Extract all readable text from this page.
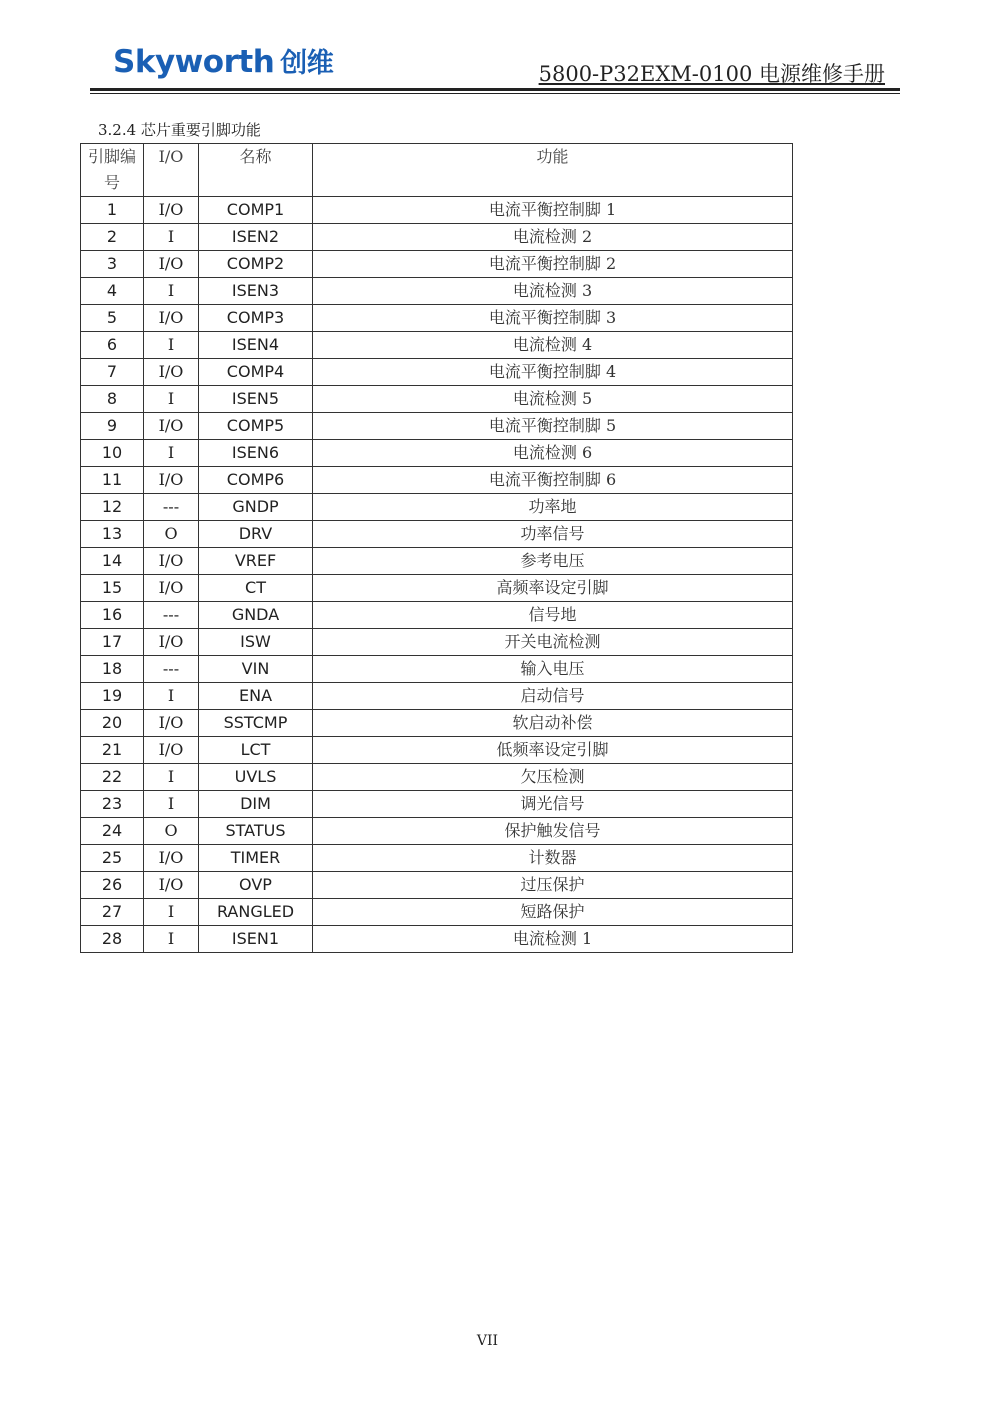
Skyworth 创维	5800-P32EXM-0100 电源维修手册
3.2.4 芯片重要引脚功能
引脚编号	I/O	名称	功能
1	I/O	COMP1	电流平衡控制脚 1
2	I	ISEN2	电流检测 2
3	I/O	COMP2	电流平衡控制脚 2
4	I	ISEN3	电流检测 3
5	I/O	COMP3	电流平衡控制脚 3
6	I	ISEN4	电流检测 4
7	I/O	COMP4	电流平衡控制脚 4
8	I	ISEN5	电流检测 5
9	I/O	COMP5	电流平衡控制脚 5
10	I	ISEN6	电流检测 6
11	I/O	COMP6	电流平衡控制脚 6
12	---	GNDP	功率地
13	O	DRV	功率信号
14	I/O	VREF	参考电压
15	I/O	CT	高频率设定引脚
16	---	GNDA	信号地
17	I/O	ISW	开关电流检测
18	---	VIN	输入电压
19	I	ENA	启动信号
20	I/O	SSTCMP	软启动补偿
21	I/O	LCT	低频率设定引脚
22	I	UVLS	欠压检测
23	I	DIM	调光信号
24	O	STATUS	保护触发信号
25	I/O	TIMER	计数器
26	I/O	OVP	过压保护
27	I	RANGLED	短路保护
28	I	ISEN1	电流检测 1
VII
